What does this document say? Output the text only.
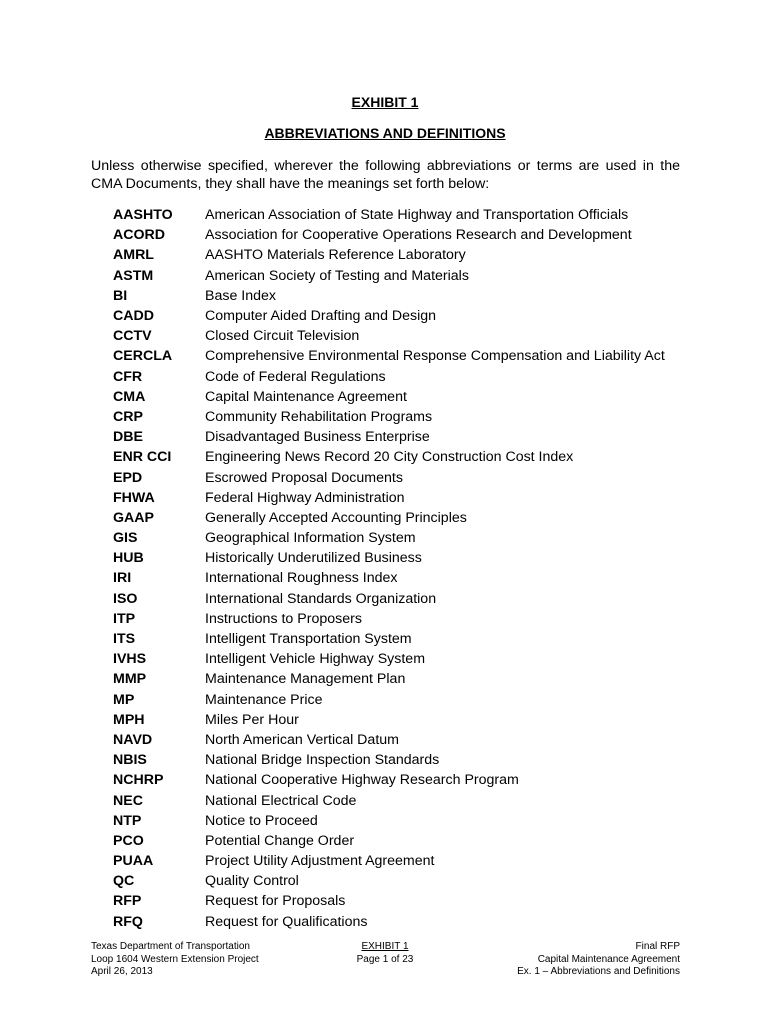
EXHIBIT 1
ABBREVIATIONS AND DEFINITIONS
Unless otherwise specified, wherever the following abbreviations or terms are used in the CMA Documents, they shall have the meanings set forth below:
AASHTO	American Association of State Highway and Transportation Officials
ACORD	Association for Cooperative Operations Research and Development
AMRL	AASHTO Materials Reference Laboratory
ASTM	American Society of Testing and Materials
BI	Base Index
CADD	Computer Aided Drafting and Design
CCTV	Closed Circuit Television
CERCLA	Comprehensive Environmental Response Compensation and Liability Act
CFR	Code of Federal Regulations
CMA	Capital Maintenance Agreement
CRP	Community Rehabilitation Programs
DBE	Disadvantaged Business Enterprise
ENR CCI	Engineering News Record 20 City Construction Cost Index
EPD	Escrowed Proposal Documents
FHWA	Federal Highway Administration
GAAP	Generally Accepted Accounting Principles
GIS	Geographical Information System
HUB	Historically Underutilized Business
IRI	International Roughness Index
ISO	International Standards Organization
ITP	Instructions to Proposers
ITS	Intelligent Transportation System
IVHS	Intelligent Vehicle Highway System
MMP	Maintenance Management Plan
MP	Maintenance Price
MPH	Miles Per Hour
NAVD	North American Vertical Datum
NBIS	National Bridge Inspection Standards
NCHRP	National Cooperative Highway Research Program
NEC	National Electrical Code
NTP	Notice to Proceed
PCO	Potential Change Order
PUAA	Project Utility Adjustment Agreement
QC	Quality Control
RFP	Request for Proposals
RFQ	Request for Qualifications
Texas Department of Transportation
Loop 1604 Western Extension Project
April 26, 2013
EXHIBIT 1
Page 1 of 23
Final RFP
Capital Maintenance Agreement
Ex. 1 – Abbreviations and Definitions
